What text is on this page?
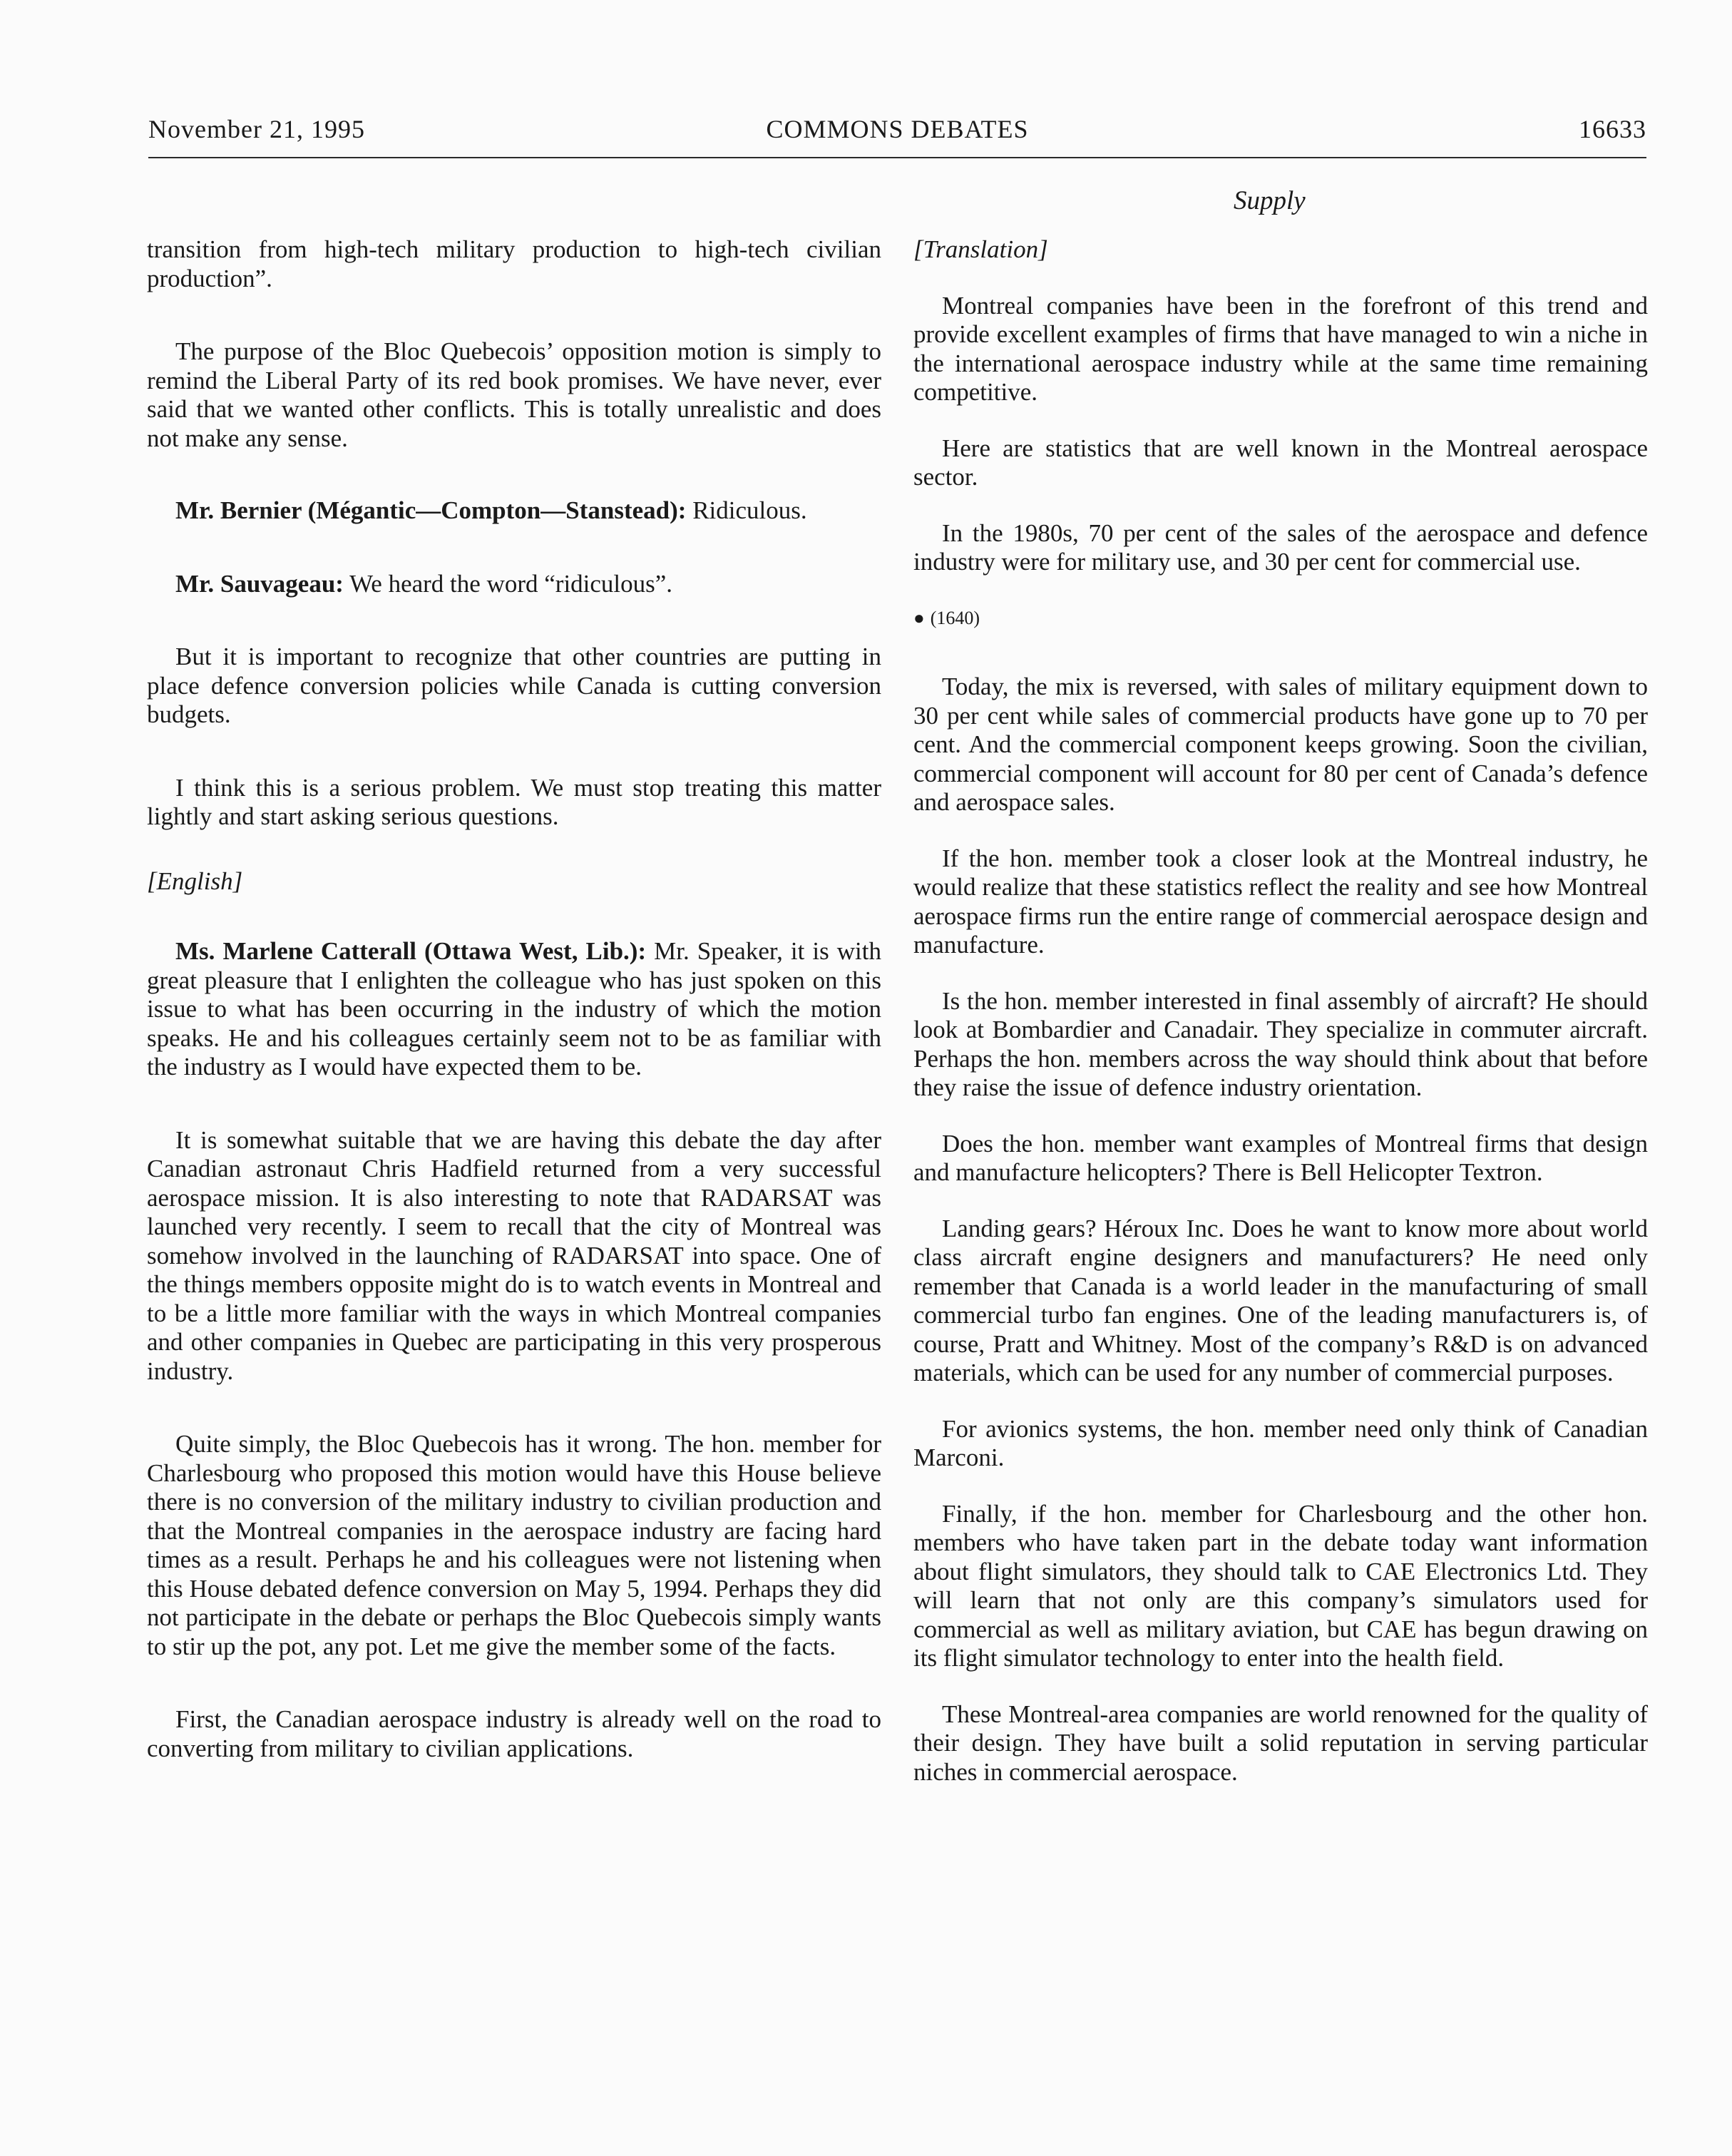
November 21, 1995	COMMONS DEBATES	16633
Supply

transition from high-tech military production to high-tech civilian production”.

The purpose of the Bloc Quebecois’ opposition motion is simply to remind the Liberal Party of its red book promises. We have never, ever said that we wanted other conflicts. This is totally unrealistic and does not make any sense.

Mr. Bernier (Mégantic—Compton—Stanstead): Ridiculous.

Mr. Sauvageau: We heard the word “ridiculous”.

But it is important to recognize that other countries are putting in place defence conversion policies while Canada is cutting conversion budgets.

I think this is a serious problem. We must stop treating this matter lightly and start asking serious questions.

[English]

Ms. Marlene Catterall (Ottawa West, Lib.): Mr. Speaker, it is with great pleasure that I enlighten the colleague who has just spoken on this issue to what has been occurring in the industry of which the motion speaks. He and his colleagues certainly seem not to be as familiar with the industry as I would have expected them to be.

It is somewhat suitable that we are having this debate the day after Canadian astronaut Chris Hadfield returned from a very successful aerospace mission. It is also interesting to note that RADARSAT was launched very recently. I seem to recall that the city of Montreal was somehow involved in the launching of RADARSAT into space. One of the things members opposite might do is to watch events in Montreal and to be a little more familiar with the ways in which Montreal companies and other companies in Quebec are participating in this very prosperous industry.

Quite simply, the Bloc Quebecois has it wrong. The hon. member for Charlesbourg who proposed this motion would have this House believe there is no conversion of the military industry to civilian production and that the Montreal companies in the aerospace industry are facing hard times as a result. Perhaps he and his colleagues were not listening when this House debated defence conversion on May 5, 1994. Perhaps they did not participate in the debate or perhaps the Bloc Quebecois simply wants to stir up the pot, any pot. Let me give the member some of the facts.

First, the Canadian aerospace industry is already well on the road to converting from military to civilian applications.

[Translation]

Montreal companies have been in the forefront of this trend and provide excellent examples of firms that have managed to win a niche in the international aerospace industry while at the same time remaining competitive.

Here are statistics that are well known in the Montreal aerospace sector.

In the 1980s, 70 per cent of the sales of the aerospace and defence industry were for military use, and 30 per cent for commercial use.

● (1640)

Today, the mix is reversed, with sales of military equipment down to 30 per cent while sales of commercial products have gone up to 70 per cent. And the commercial component keeps growing. Soon the civilian, commercial component will account for 80 per cent of Canada’s defence and aerospace sales.

If the hon. member took a closer look at the Montreal industry, he would realize that these statistics reflect the reality and see how Montreal aerospace firms run the entire range of commercial aerospace design and manufacture.

Is the hon. member interested in final assembly of aircraft? He should look at Bombardier and Canadair. They specialize in commuter aircraft. Perhaps the hon. members across the way should think about that before they raise the issue of defence industry orientation.

Does the hon. member want examples of Montreal firms that design and manufacture helicopters? There is Bell Helicopter Textron.

Landing gears? Héroux Inc. Does he want to know more about world class aircraft engine designers and manufacturers? He need only remember that Canada is a world leader in the manufacturing of small commercial turbo fan engines. One of the leading manufacturers is, of course, Pratt and Whitney. Most of the company’s R&D is on advanced materials, which can be used for any number of commercial purposes.

For avionics systems, the hon. member need only think of Canadian Marconi.

Finally, if the hon. member for Charlesbourg and the other hon. members who have taken part in the debate today want information about flight simulators, they should talk to CAE Electronics Ltd. They will learn that not only are this company’s simulators used for commercial as well as military aviation, but CAE has begun drawing on its flight simulator technology to enter into the health field.

These Montreal-area companies are world renowned for the quality of their design. They have built a solid reputation in serving particular niches in commercial aerospace.
